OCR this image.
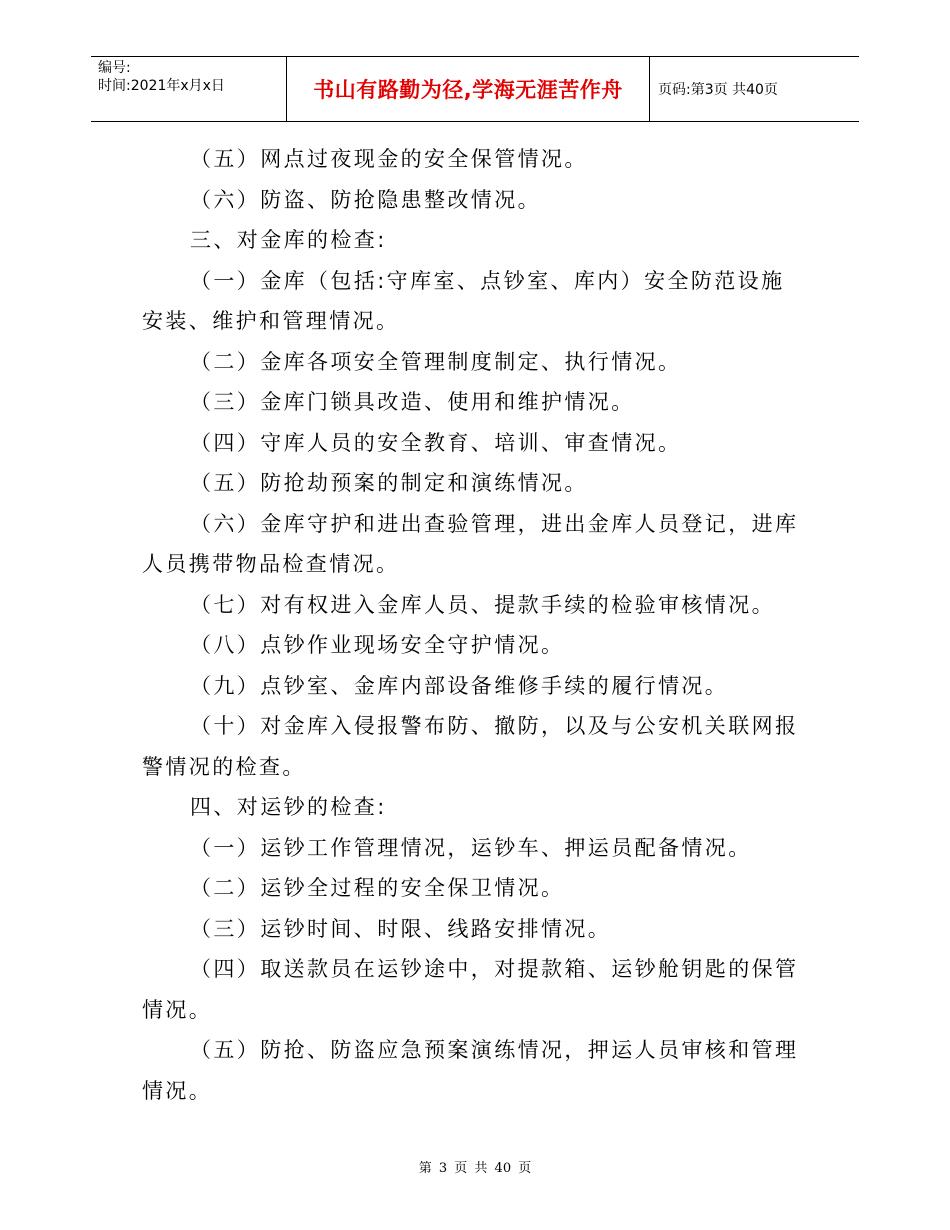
编号:
时间:2021年x月x日	书山有路勤为径,学海无涯苦作舟	页码:第3页 共40页

（五）网点过夜现金的安全保管情况。

（六）防盗、防抢隐患整改情况。

三、对金库的检查:

（一）金库（包括:守库室、点钞室、库内）安全防范设施

安装、维护和管理情况。

（二）金库各项安全管理制度制定、执行情况。

（三）金库门锁具改造、使用和维护情况。

（四）守库人员的安全教育、培训、审查情况。

（五）防抢劫预案的制定和演练情况。

（六）金库守护和进出查验管理，进出金库人员登记，进库

人员携带物品检查情况。

（七）对有权进入金库人员、提款手续的检验审核情况。

（八）点钞作业现场安全守护情况。

（九）点钞室、金库内部设备维修手续的履行情况。

（十）对金库入侵报警布防、撤防，以及与公安机关联网报

警情况的检查。

四、对运钞的检查:

（一）运钞工作管理情况，运钞车、押运员配备情况。

（二）运钞全过程的安全保卫情况。

（三）运钞时间、时限、线路安排情况。

（四）取送款员在运钞途中，对提款箱、运钞舱钥匙的保管

情况。

（五）防抢、防盗应急预案演练情况，押运人员审核和管理

情况。

第 3 页 共 40 页
